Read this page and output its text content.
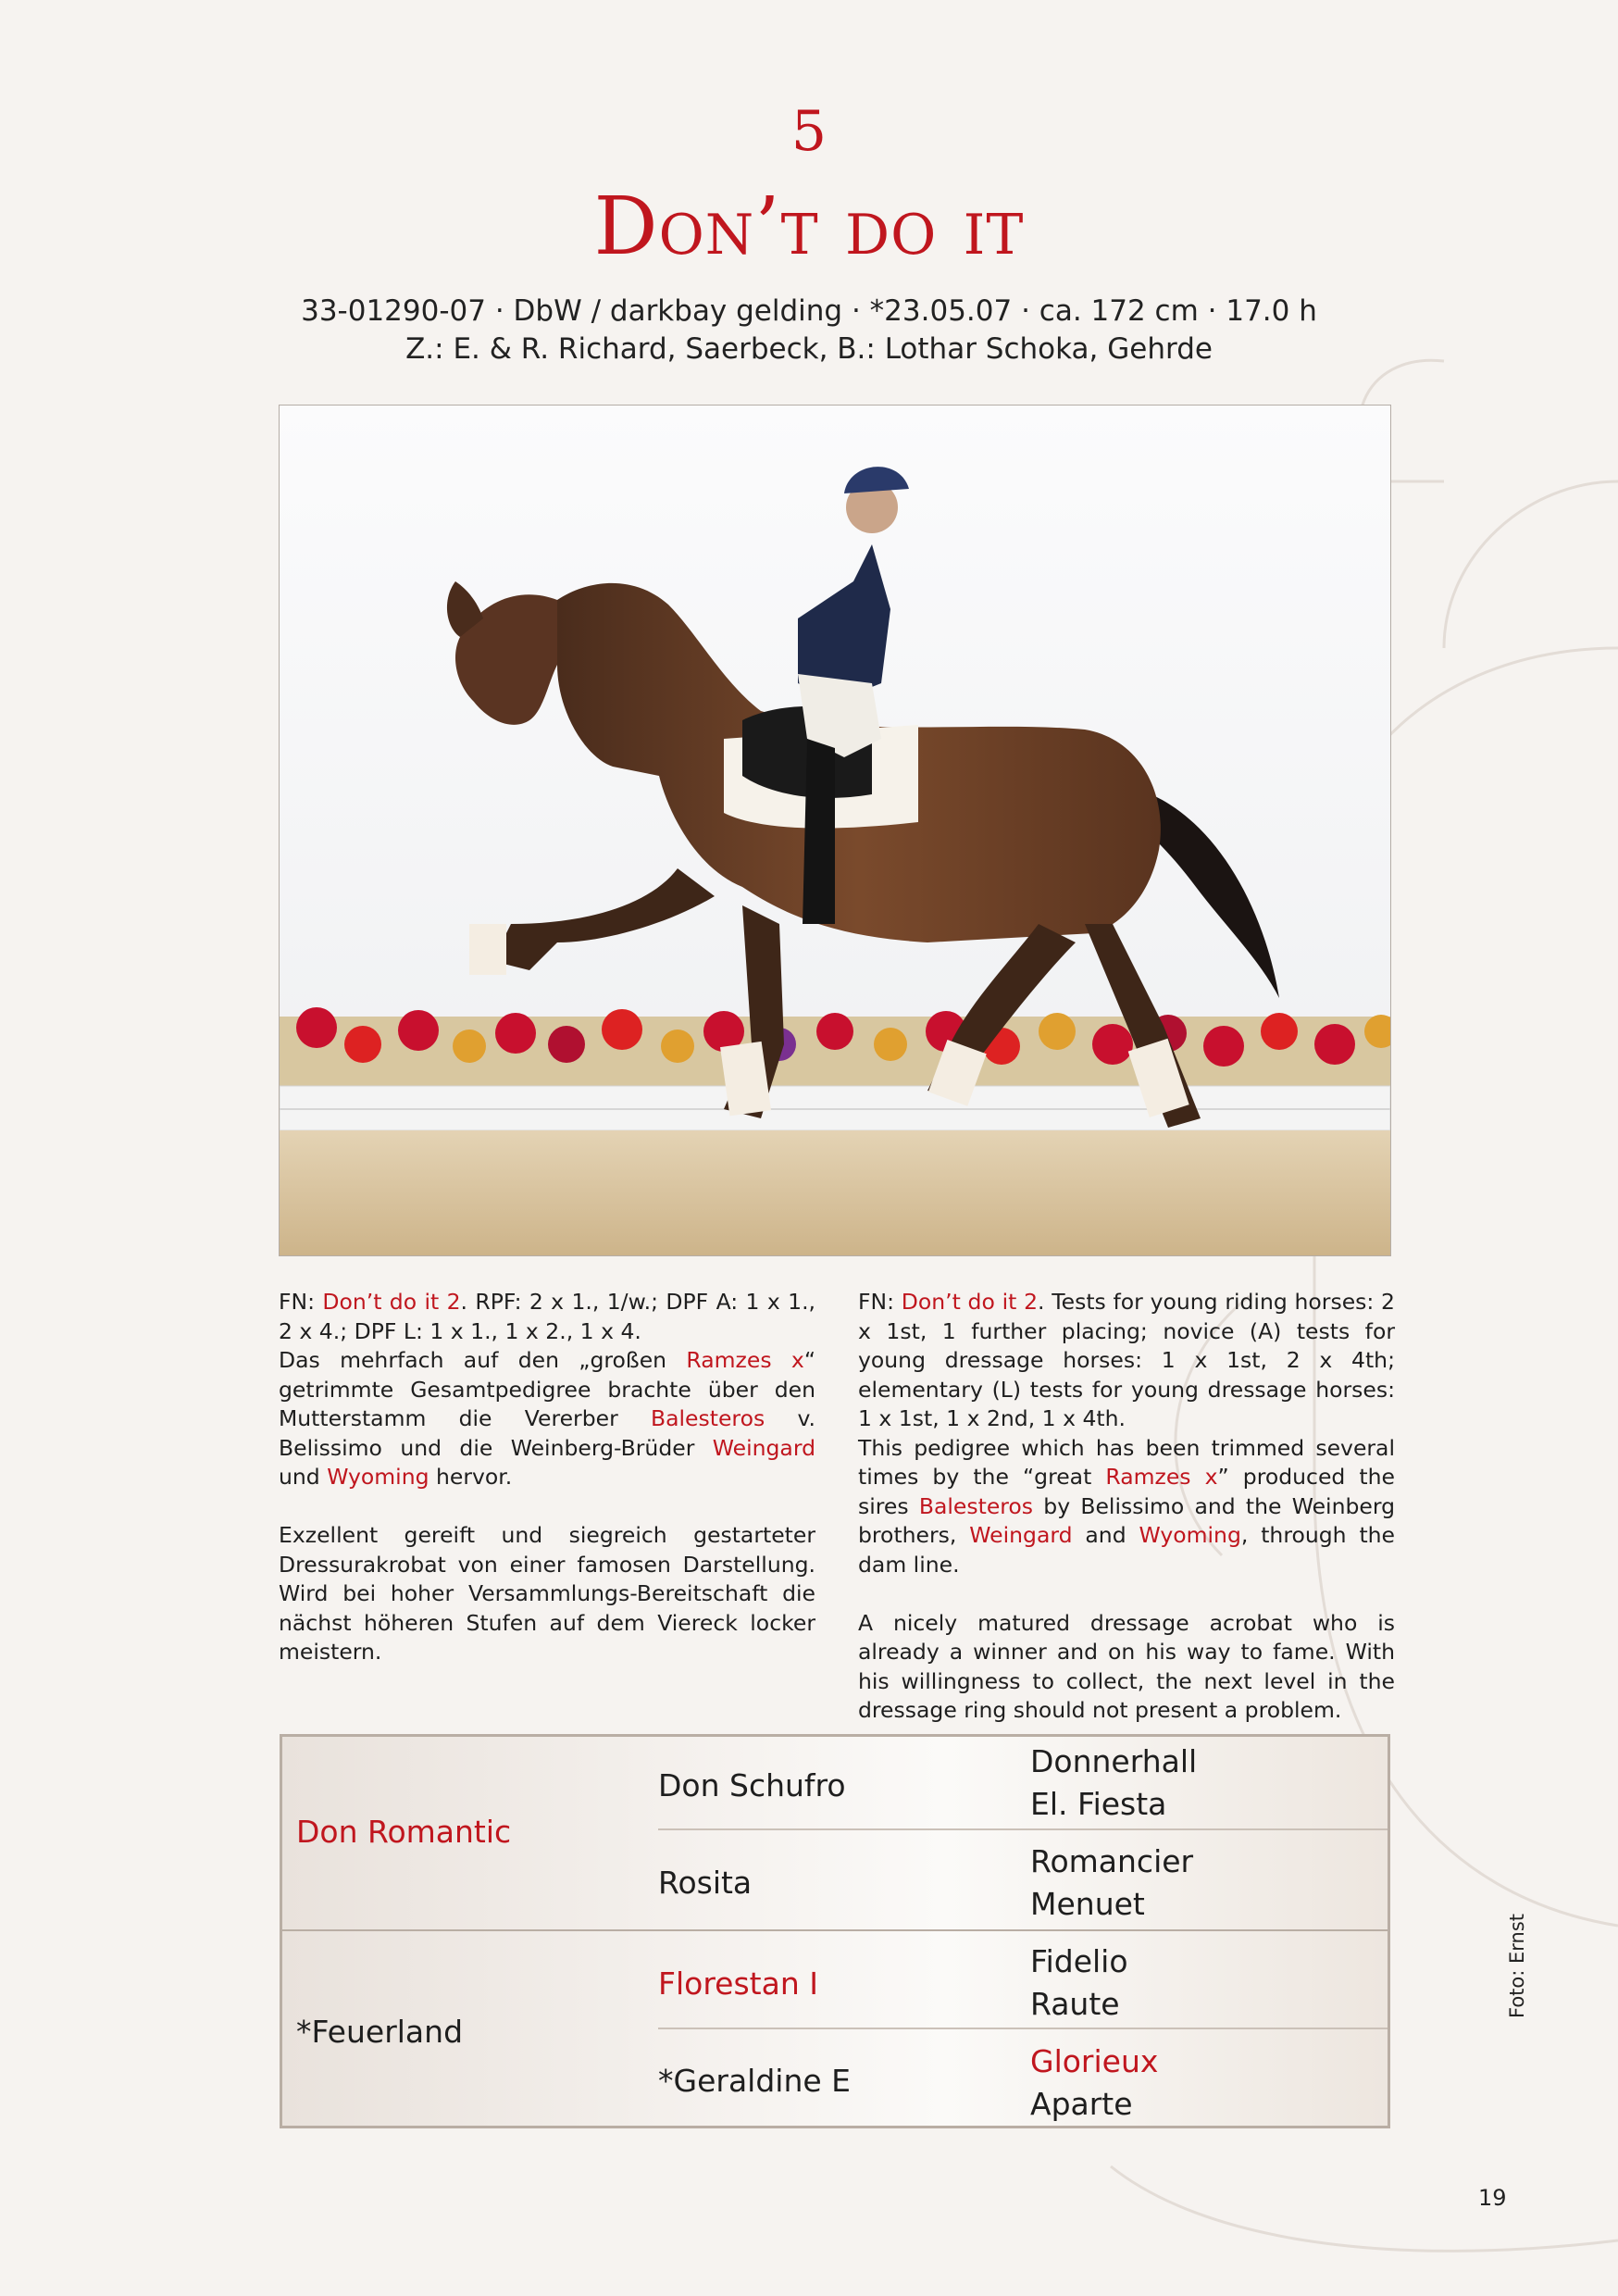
5
Don’t do it
33-01290-07 · DbW / darkbay gelding · *23.05.07 · ca. 172 cm · 17.0 h
Z.: E. & R. Richard, Saerbeck, B.: Lothar Schoka, Gehrde

FN: Don’t do it 2. RPF: 2 x 1., 1/w.; DPF A: 1 x 1., 2 x 4.; DPF L: 1 x 1., 1 x 2., 1 x 4.

Das mehrfach auf den „großen Ramzes x“ getrimmte Gesamtpedigree brachte über den Mutterstamm die Vererber Balesteros v. Belissimo und die Weinberg-Brüder Weingard und Wyoming hervor.

Exzellent gereift und siegreich gestarteter Dressurakrobat von einer famosen Darstellung. Wird bei hoher Versammlungs-Bereitschaft die nächst höheren Stufen auf dem Viereck locker meistern.

FN: Don’t do it 2. Tests for young riding horses: 2 x 1st, 1 further placing; novice (A) tests for young dressage horses: 1 x 1st, 2 x 4th; elementary (L) tests for young dressage horses: 1 x 1st, 1 x 2nd, 1 x 4th.

This pedigree which has been trimmed several times by the “great Ramzes x” produced the sires Balesteros by Belissimo and the Weinberg brothers, Weingard and Wyoming, through the dam line.

A nicely matured dressage acrobat who is already a winner and on his way to fame. With his willingness to collect, the next level in the dressage ring should not present a problem.

Don Romantic
*Feuerland
Don Schufro
Rosita
Florestan I
*Geraldine E
Donnerhall
El. Fiesta
Romancier
Menuet
Fidelio
Raute
Glorieux
Aparte
Foto: Ernst
19
